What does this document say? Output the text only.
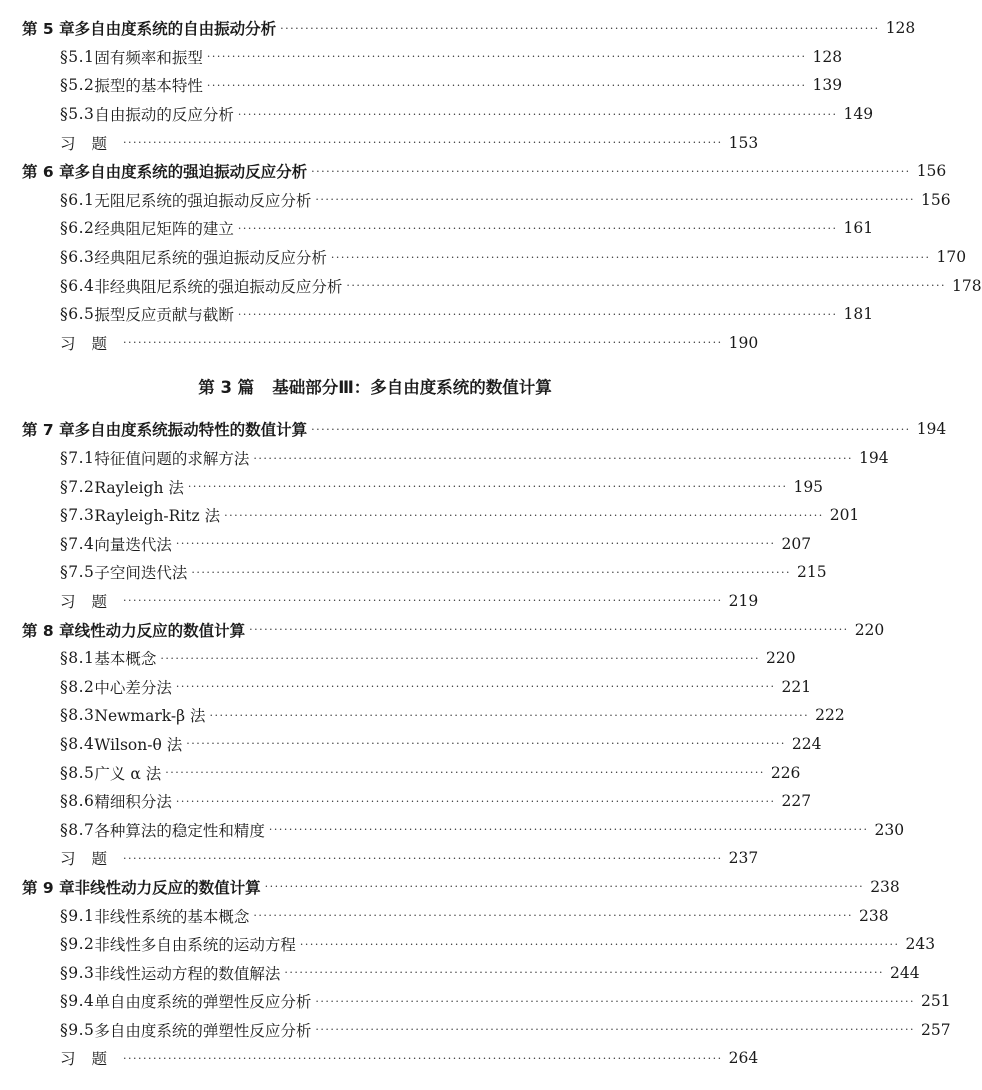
第 5 章 多自由度系统的自由振动分析 ························································································································ 128
§5.1 固有频率和振型 ························································································································ 128
§5.2 振型的基本特性 ························································································································ 139
§5.3 自由振动的反应分析 ························································································································ 149
习题 ························································································································ 153
第 6 章 多自由度系统的强迫振动反应分析 ························································································································ 156
§6.1 无阻尼系统的强迫振动反应分析 ························································································································ 156
§6.2 经典阻尼矩阵的建立 ························································································································ 161
§6.3 经典阻尼系统的强迫振动反应分析 ························································································································ 170
§6.4 非经典阻尼系统的强迫振动反应分析 ························································································································ 178
§6.5 振型反应贡献与截断 ························································································································ 181
习题 ························································································································ 190
第 3 篇 基础部分Ⅲ：多自由度系统的数值计算
第 7 章 多自由度系统振动特性的数值计算 ························································································································ 194
§7.1 特征值问题的求解方法 ························································································································ 194
§7.2 Rayleigh 法 ························································································································ 195
§7.3 Rayleigh-Ritz 法 ························································································································ 201
§7.4 向量迭代法 ························································································································ 207
§7.5 子空间迭代法 ························································································································ 215
习题 ························································································································ 219
第 8 章 线性动力反应的数值计算 ························································································································ 220
§8.1 基本概念 ························································································································ 220
§8.2 中心差分法 ························································································································ 221
§8.3 Newmark-β 法 ························································································································ 222
§8.4 Wilson-θ 法 ························································································································ 224
§8.5 广义 α 法 ························································································································ 226
§8.6 精细积分法 ························································································································ 227
§8.7 各种算法的稳定性和精度 ························································································································ 230
习题 ························································································································ 237
第 9 章 非线性动力反应的数值计算 ························································································································ 238
§9.1 非线性系统的基本概念 ························································································································ 238
§9.2 非线性多自由系统的运动方程 ························································································································ 243
§9.3 非线性运动方程的数值解法 ························································································································ 244
§9.4 单自由度系统的弹塑性反应分析 ························································································································ 251
§9.5 多自由度系统的弹塑性反应分析 ························································································································ 257
习题 ························································································································ 264
